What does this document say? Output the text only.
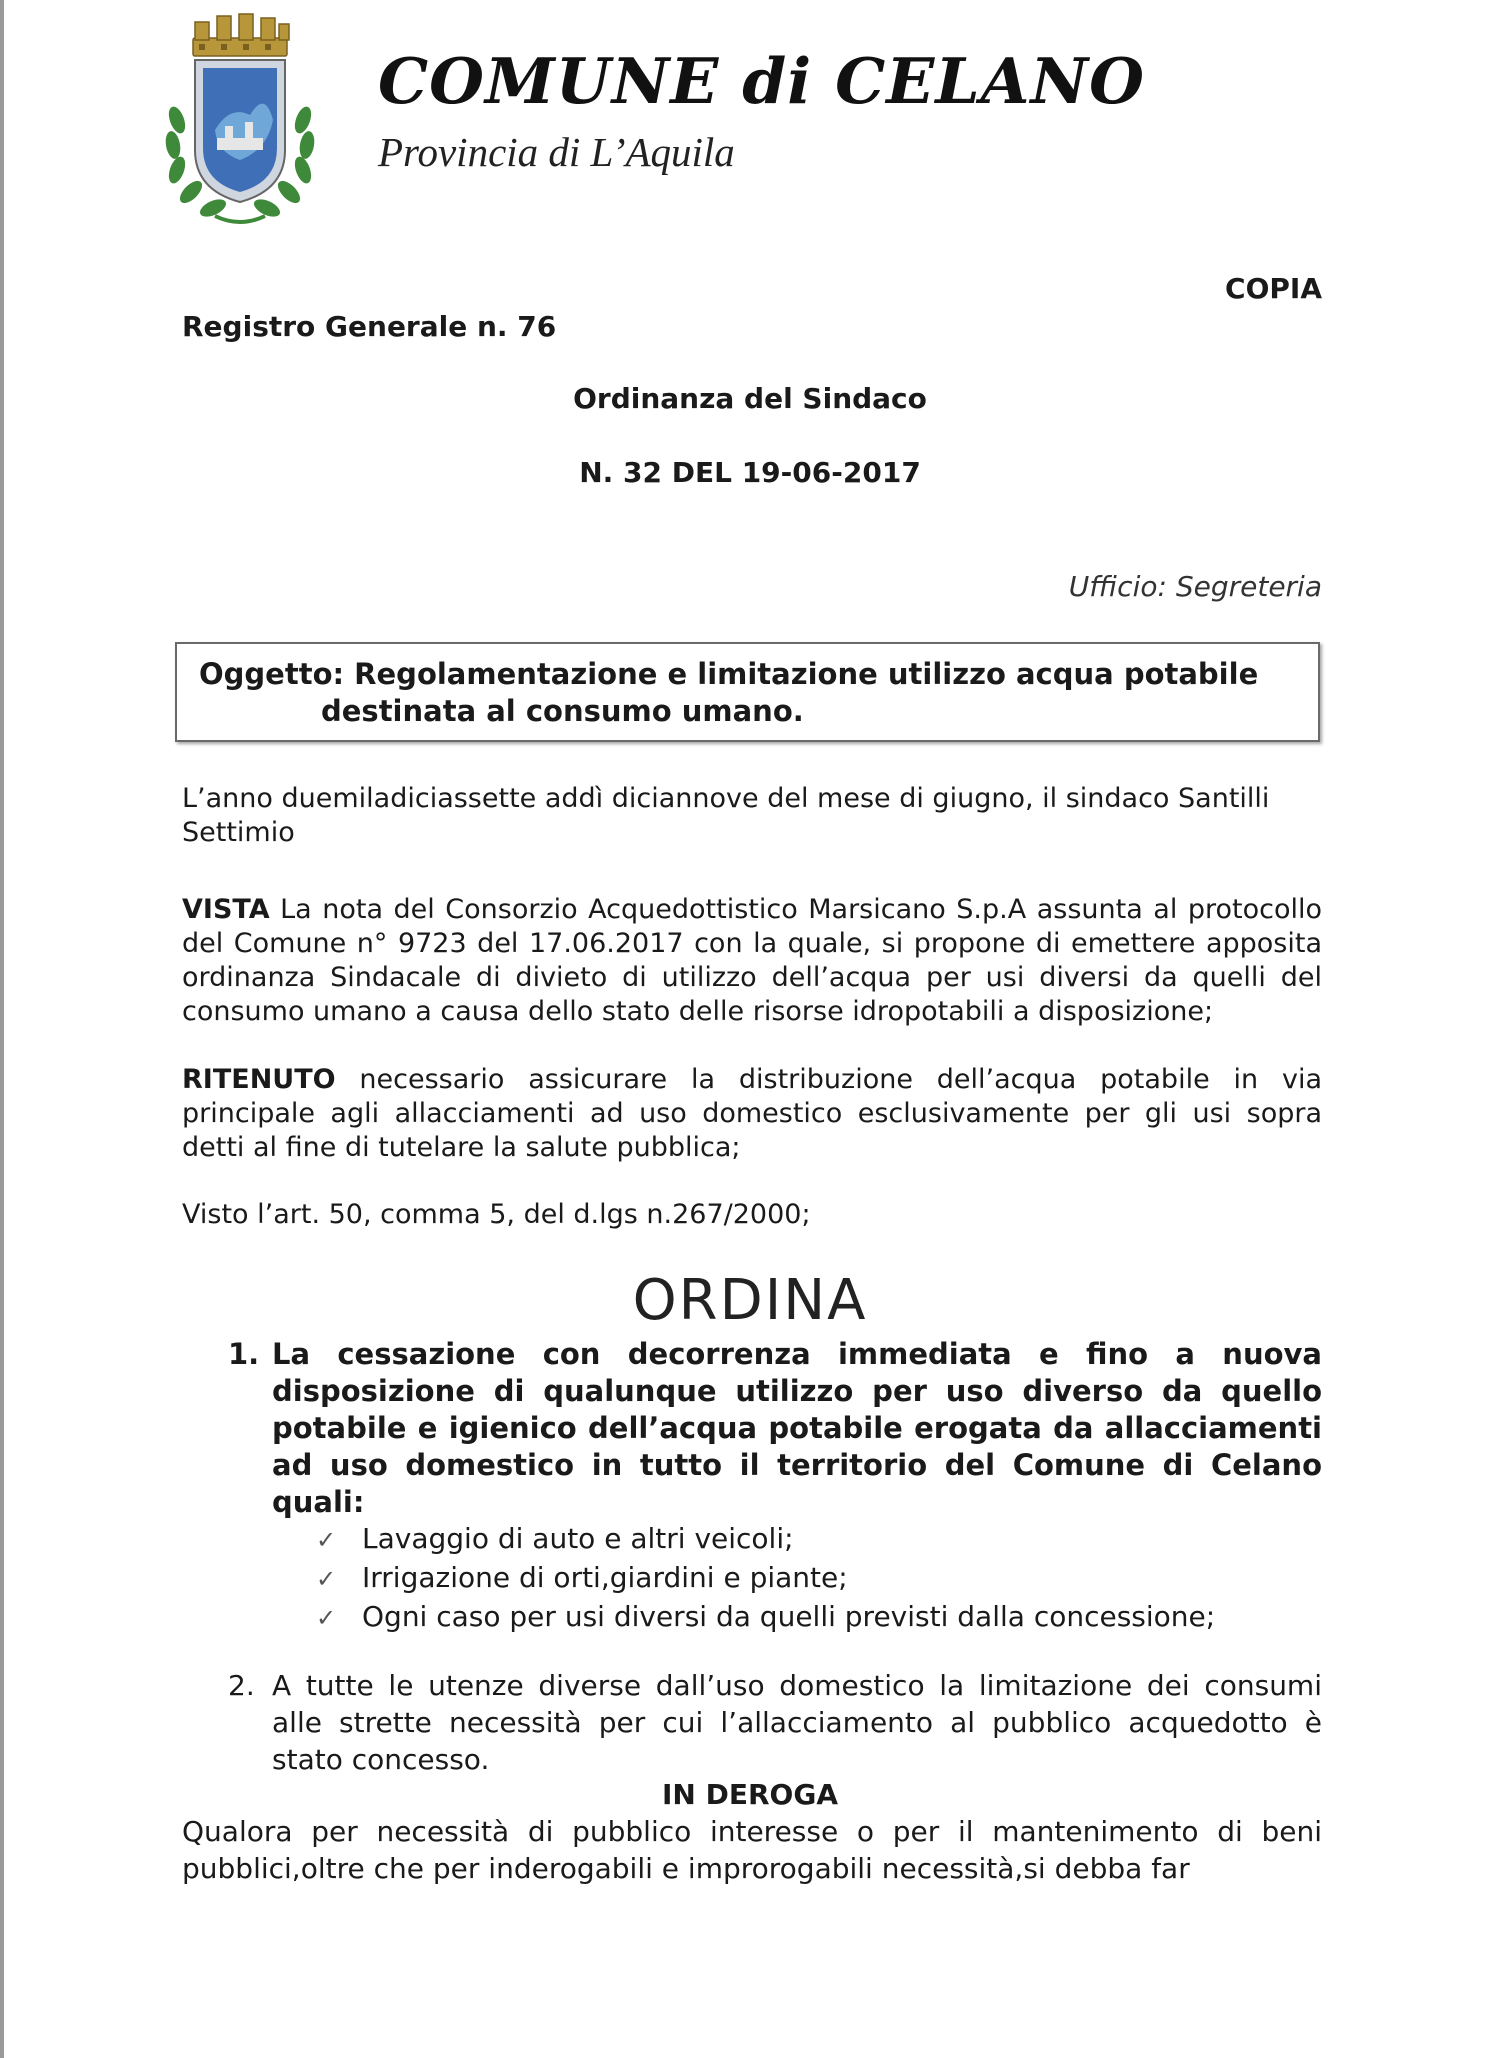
COMUNE di CELANO

Provincia di L’Aquila

COPIA
Registro Generale n. 76
Ordinanza del Sindaco
N. 32 DEL 19-06-2017
Ufficio: Segreteria
Oggetto: Regolamentazione e limitazione utilizzo acqua potabile
destinata al consumo umano.
L’anno duemiladiciassette addì diciannove del mese di giugno, il sindaco Santilli Settimio
VISTA La nota del Consorzio Acquedottistico Marsicano S.p.A assunta al protocollo del Comune n° 9723 del 17.06.2017 con la quale, si propone di emettere apposita ordinanza Sindacale di divieto di utilizzo dell’acqua per usi diversi da quelli del consumo umano a causa dello stato delle risorse idropotabili a disposizione;
RITENUTO necessario assicurare la distribuzione dell’acqua potabile in via principale agli allacciamenti ad uso domestico esclusivamente per gli usi sopra detti al fine di tutelare la salute pubblica;
Visto l’art. 50, comma 5, del d.lgs n.267/2000;
ORDINA
1. La cessazione con decorrenza immediata e fino a nuova disposizione di qualunque utilizzo per uso diverso da quello potabile e igienico dell’acqua potabile erogata da allacciamenti ad uso domestico in tutto il territorio del Comune di Celano quali:
✓ Lavaggio di auto e altri veicoli;
✓ Irrigazione di orti,giardini e piante;
✓ Ogni caso per usi diversi da quelli previsti dalla concessione;
2. A tutte le utenze diverse dall’uso domestico la limitazione dei consumi alle strette necessità per cui l’allacciamento al pubblico acquedotto è stato concesso.
IN DEROGA
Qualora per necessità di pubblico interesse o per il mantenimento di beni pubblici,oltre che per inderogabili e improrogabili necessità,si debba far
